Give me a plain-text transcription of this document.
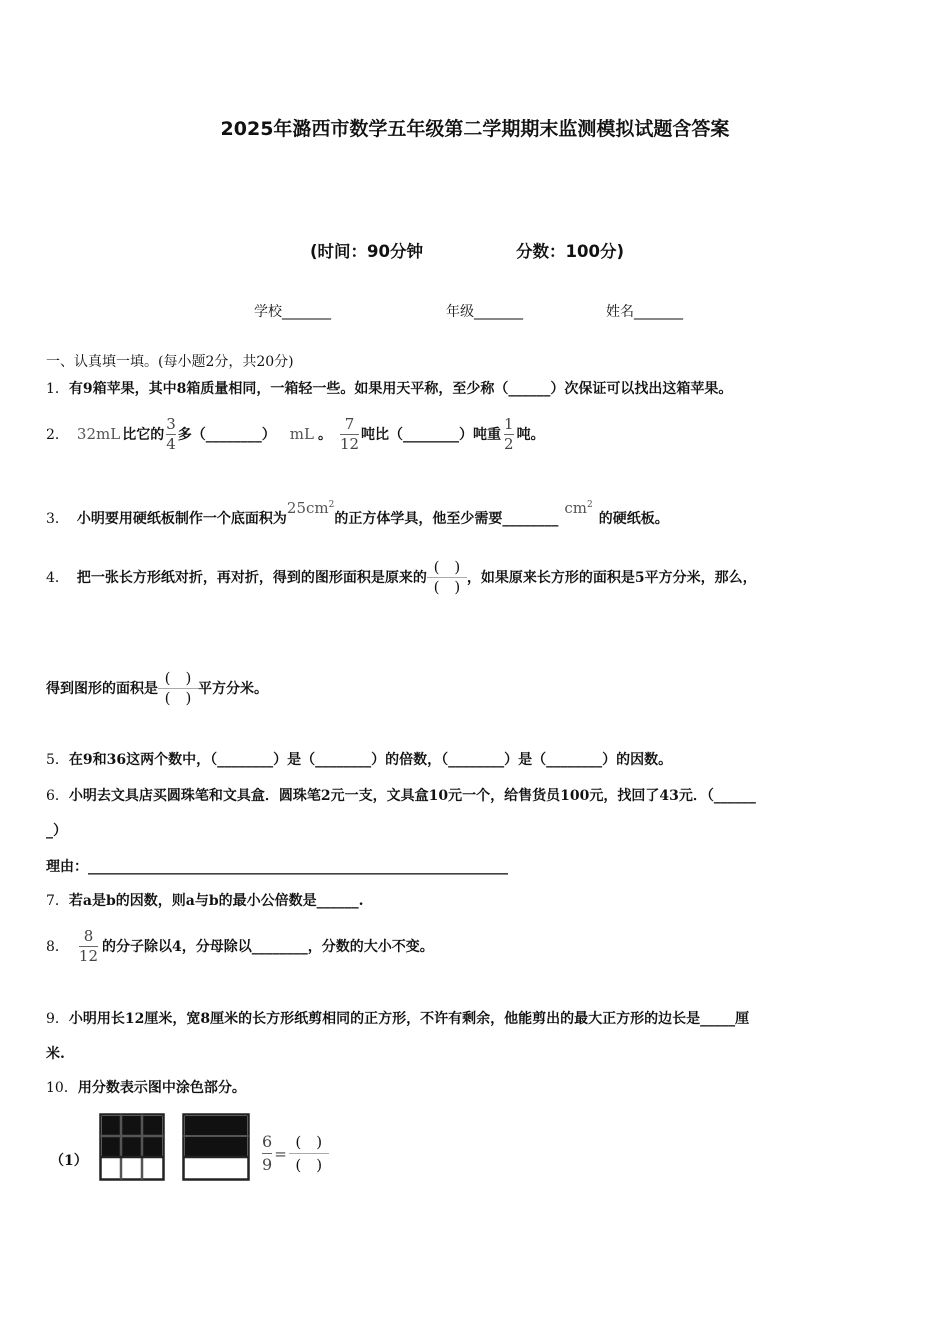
2025年潞西市数学五年级第二学期期末监测模拟试题含答案
(时间：90分钟	分数：100分)
学校_______	年级_______	姓名_______
一、认真填一填。(每小题2分，共20分)
1．有9箱苹果，其中8箱质量相同，一箱轻一些。如果用天平称，至少称（______）次保证可以找出这箱苹果。
2． 32mL 比它的 $\frac{3}{4}$ 多（________） mL 。 $\frac{7}{12}$ 吨比（________）吨重 $\frac{1}{2}$ 吨。
3． 小明要用硬纸板制作一个底面积为$25cm^2$的正方体学具，他至少需要$\_\_\_\_\_\_\_\_cm^2$的硬纸板。
4． 把一张长方形纸对折，再对折，得到的图形面积是原来的 $\frac{( )}{( )}$ ，如果原来长方形的面积是5平方分米，那么，
得到图形的面积是 $\frac{( )}{( )}$ 平方分米。
5．在9和36这两个数中，（________）是（________）的倍数，（________）是（________）的因数。
6．小明去文具店买圆珠笔和文具盒．圆珠笔2元一支，文具盒10元一个，给售货员100元，找回了43元．（______
_）
理由：____________________________________________________________
7．若a是b的因数，则a与b的最小公倍数是______.
8． $\frac{8}{12}$ 的分子除以4，分母除以________，分数的大小不变。
9．小明用长12厘米，宽8厘米的长方形纸剪相同的正方形，不许有剩余，他能剪出的最大正方形的边长是_____厘
米.
10．用分数表示图中涂色部分。
（1）	$\frac{6}{9} = \frac{( )}{( )}$
